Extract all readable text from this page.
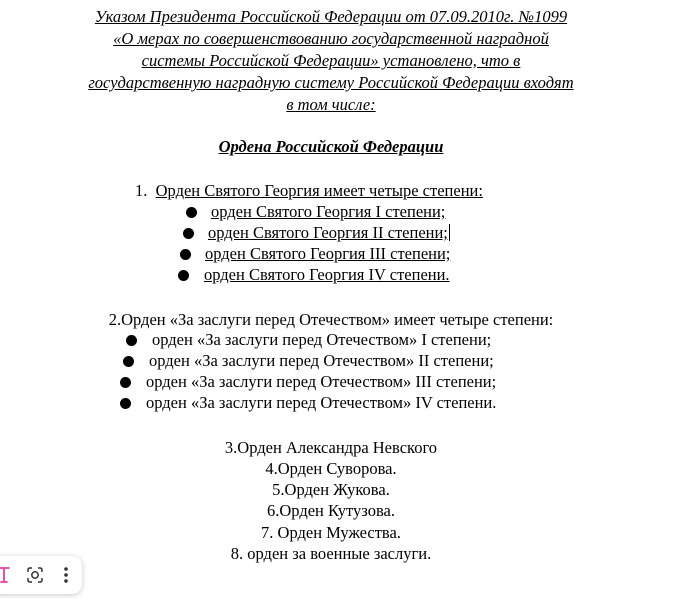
Указом Президента Российской Федерации от 07.09.2010г. №1099
«О мерах по совершенствованию государственной наградной
системы Российской Федерации» установлено, что в
государственную наградную систему Российской Федерации входят
в том числе:
Ордена Российской Федерации
1. Орден Святого Георгия имеет четыре степени:
орден Святого Георгия I степени;
орден Святого Георгия II степени;
орден Святого Георгия III степени;
орден Святого Георгия IV степени.
2.Орден «За заслуги перед Отечеством» имеет четыре степени:
орден «За заслуги перед Отечеством» I степени;
орден «За заслуги перед Отечеством» II степени;
орден «За заслуги перед Отечеством» III степени;
орден «За заслуги перед Отечеством» IV степени.
3.Орден Александра Невского
4.Орден Суворова.
5.Орден Жукова.
6.Орден Кутузова.
7. Орден Мужества.
8. орден за военные заслуги.
